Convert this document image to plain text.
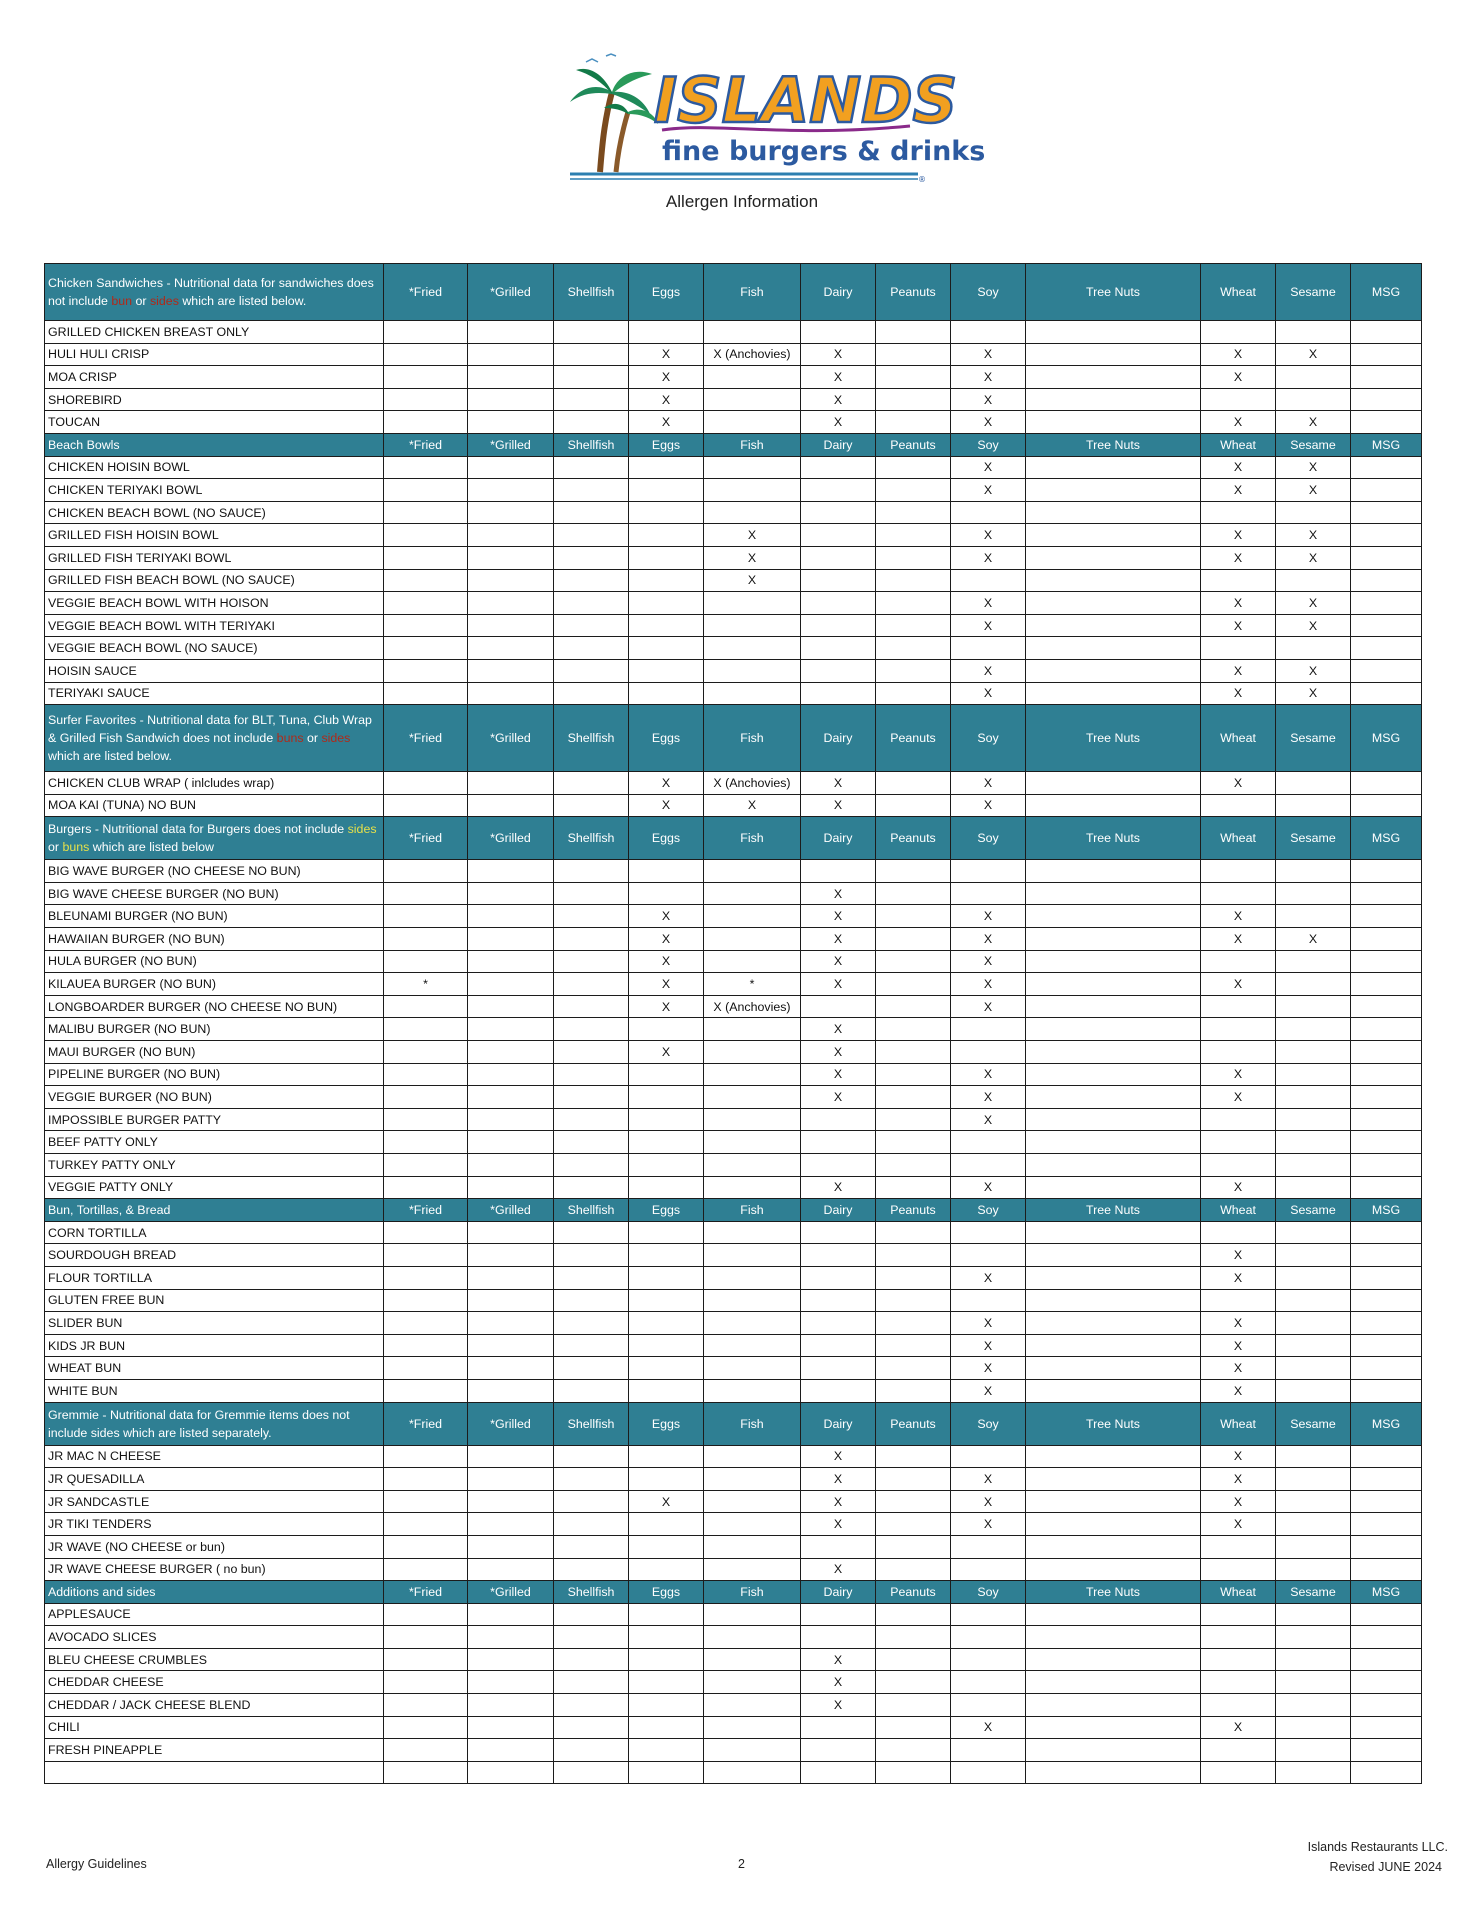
ISLANDS
fine burgers & drinks
®
Allergen Information
Chicken Sandwiches - Nutritional data for sandwiches does not include bun or sides which are listed below.	*Fried	*Grilled	Shellfish	Eggs	Fish	Dairy	Peanuts	Soy	Tree Nuts	Wheat	Sesame	MSG
GRILLED CHICKEN BREAST ONLY												
HULI HULI CRISP				X	X (Anchovies)	X		X		X	X	
MOA CRISP				X		X		X		X		
SHOREBIRD				X		X		X				
TOUCAN				X		X		X		X	X	
Beach Bowls	*Fried	*Grilled	Shellfish	Eggs	Fish	Dairy	Peanuts	Soy	Tree Nuts	Wheat	Sesame	MSG
CHICKEN HOISIN BOWL								X		X	X	
CHICKEN TERIYAKI BOWL								X		X	X	
CHICKEN BEACH BOWL (NO SAUCE)												
GRILLED FISH HOISIN BOWL					X			X		X	X	
GRILLED FISH TERIYAKI BOWL					X			X		X	X	
GRILLED FISH BEACH BOWL (NO SAUCE)					X							
VEGGIE BEACH BOWL WITH HOISON								X		X	X	
VEGGIE BEACH BOWL WITH TERIYAKI								X		X	X	
VEGGIE BEACH BOWL (NO SAUCE)												
HOISIN SAUCE								X		X	X	
TERIYAKI SAUCE								X		X	X	
Surfer Favorites - Nutritional data for BLT, Tuna, Club Wrap & Grilled Fish Sandwich does not include buns or sides which are listed below.	*Fried	*Grilled	Shellfish	Eggs	Fish	Dairy	Peanuts	Soy	Tree Nuts	Wheat	Sesame	MSG
CHICKEN CLUB WRAP ( inlcludes wrap)				X	X (Anchovies)	X		X		X		
MOA KAI (TUNA) NO BUN				X	X	X		X				
Burgers - Nutritional data for Burgers does not include sides or buns which are listed below	*Fried	*Grilled	Shellfish	Eggs	Fish	Dairy	Peanuts	Soy	Tree Nuts	Wheat	Sesame	MSG
BIG WAVE BURGER (NO CHEESE NO BUN)												
BIG WAVE CHEESE BURGER (NO BUN)						X						
BLEUNAMI BURGER (NO BUN)				X		X		X		X		
HAWAIIAN BURGER (NO BUN)				X		X		X		X	X	
HULA BURGER (NO BUN)				X		X		X				
KILAUEA BURGER (NO BUN)	*			X	*	X		X		X		
LONGBOARDER BURGER (NO CHEESE NO BUN)				X	X (Anchovies)			X				
MALIBU BURGER (NO BUN)						X						
MAUI BURGER (NO BUN)				X		X						
PIPELINE BURGER (NO BUN)						X		X		X		
VEGGIE BURGER (NO BUN)						X		X		X		
IMPOSSIBLE BURGER PATTY								X				
BEEF PATTY ONLY												
TURKEY PATTY ONLY												
VEGGIE PATTY ONLY						X		X		X		
Bun, Tortillas, & Bread	*Fried	*Grilled	Shellfish	Eggs	Fish	Dairy	Peanuts	Soy	Tree Nuts	Wheat	Sesame	MSG
CORN TORTILLA												
SOURDOUGH BREAD										X		
FLOUR TORTILLA								X		X		
GLUTEN FREE BUN												
SLIDER BUN								X		X		
KIDS JR BUN								X		X		
WHEAT BUN								X		X		
WHITE BUN								X		X		
Gremmie - Nutritional data for Gremmie items does not include sides which are listed separately.	*Fried	*Grilled	Shellfish	Eggs	Fish	Dairy	Peanuts	Soy	Tree Nuts	Wheat	Sesame	MSG
JR MAC N CHEESE						X				X		
JR QUESADILLA						X		X		X		
JR SANDCASTLE				X		X		X		X		
JR TIKI TENDERS						X		X		X		
JR WAVE (NO CHEESE or bun)												
JR WAVE CHEESE BURGER ( no bun)						X						
Additions and sides	*Fried	*Grilled	Shellfish	Eggs	Fish	Dairy	Peanuts	Soy	Tree Nuts	Wheat	Sesame	MSG
APPLESAUCE												
AVOCADO SLICES												
BLEU CHEESE CRUMBLES						X						
CHEDDAR CHEESE						X						
CHEDDAR / JACK CHEESE BLEND						X						
CHILI								X		X		
FRESH PINEAPPLE												

Allergy Guidelines	2
Islands Restaurants LLC.
Revised JUNE 2024
